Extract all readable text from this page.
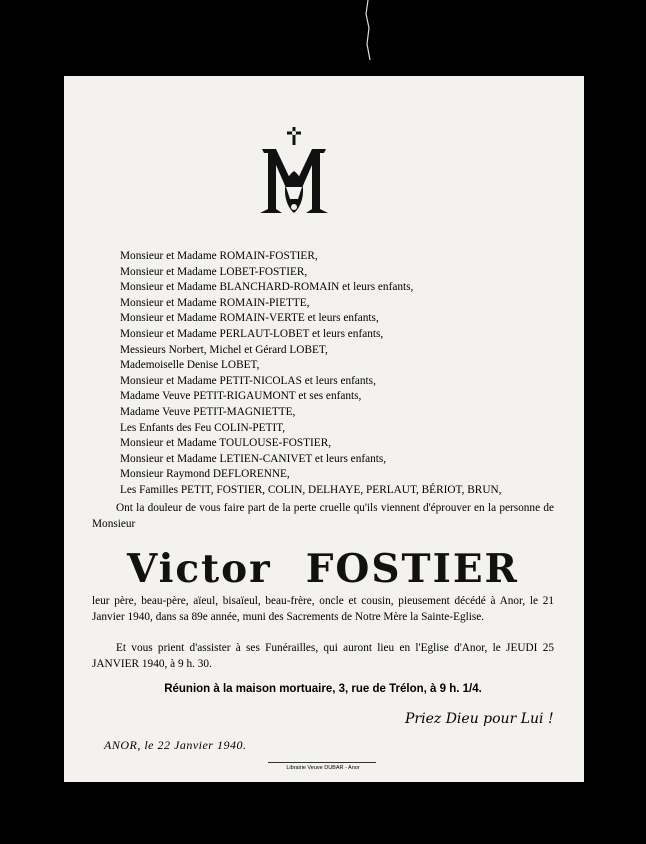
Monsieur et Madame ROMAIN-FOSTIER,
Monsieur et Madame LOBET-FOSTIER,
Monsieur et Madame BLANCHARD-ROMAIN et leurs enfants,
Monsieur et Madame ROMAIN-PIETTE,
Monsieur et Madame ROMAIN-VERTE et leurs enfants,
Monsieur et Madame PERLAUT-LOBET et leurs enfants,
Messieurs Norbert, Michel et Gérard LOBET,
Mademoiselle Denise LOBET,
Monsieur et Madame PETIT-NICOLAS et leurs enfants,
Madame Veuve PETIT-RIGAUMONT et ses enfants,
Madame Veuve PETIT-MAGNIETTE,
Les Enfants des Feu COLIN-PETIT,
Monsieur et Madame TOULOUSE-FOSTIER,
Monsieur et Madame LETIEN-CANIVET et leurs enfants,
Monsieur Raymond DEFLORENNE,
Les Familles PETIT, FOSTIER, COLIN, DELHAYE, PERLAUT, BÉRIOT, BRUN,
Ont la douleur de vous faire part de la perte cruelle qu'ils viennent d'éprouver en la personne de Monsieur
Victor FOSTIER
leur père, beau-père, aïeul, bisaïeul, beau-frère, oncle et cousin, pieusement décédé à Anor, le 21 Janvier 1940, dans sa 89e année, muni des Sacrements de Notre Mère la Sainte-Eglise.
Et vous prient d'assister à ses Funérailles, qui auront lieu en l'Eglise d'Anor, le JEUDI 25 JANVIER 1940, à 9 h. 30.
Réunion à la maison mortuaire, 3, rue de Trélon, à 9 h. 1/4.
Priez Dieu pour Lui !
ANOR, le 22 Janvier 1940.
Librairie Veuve DUBAR - Anor
